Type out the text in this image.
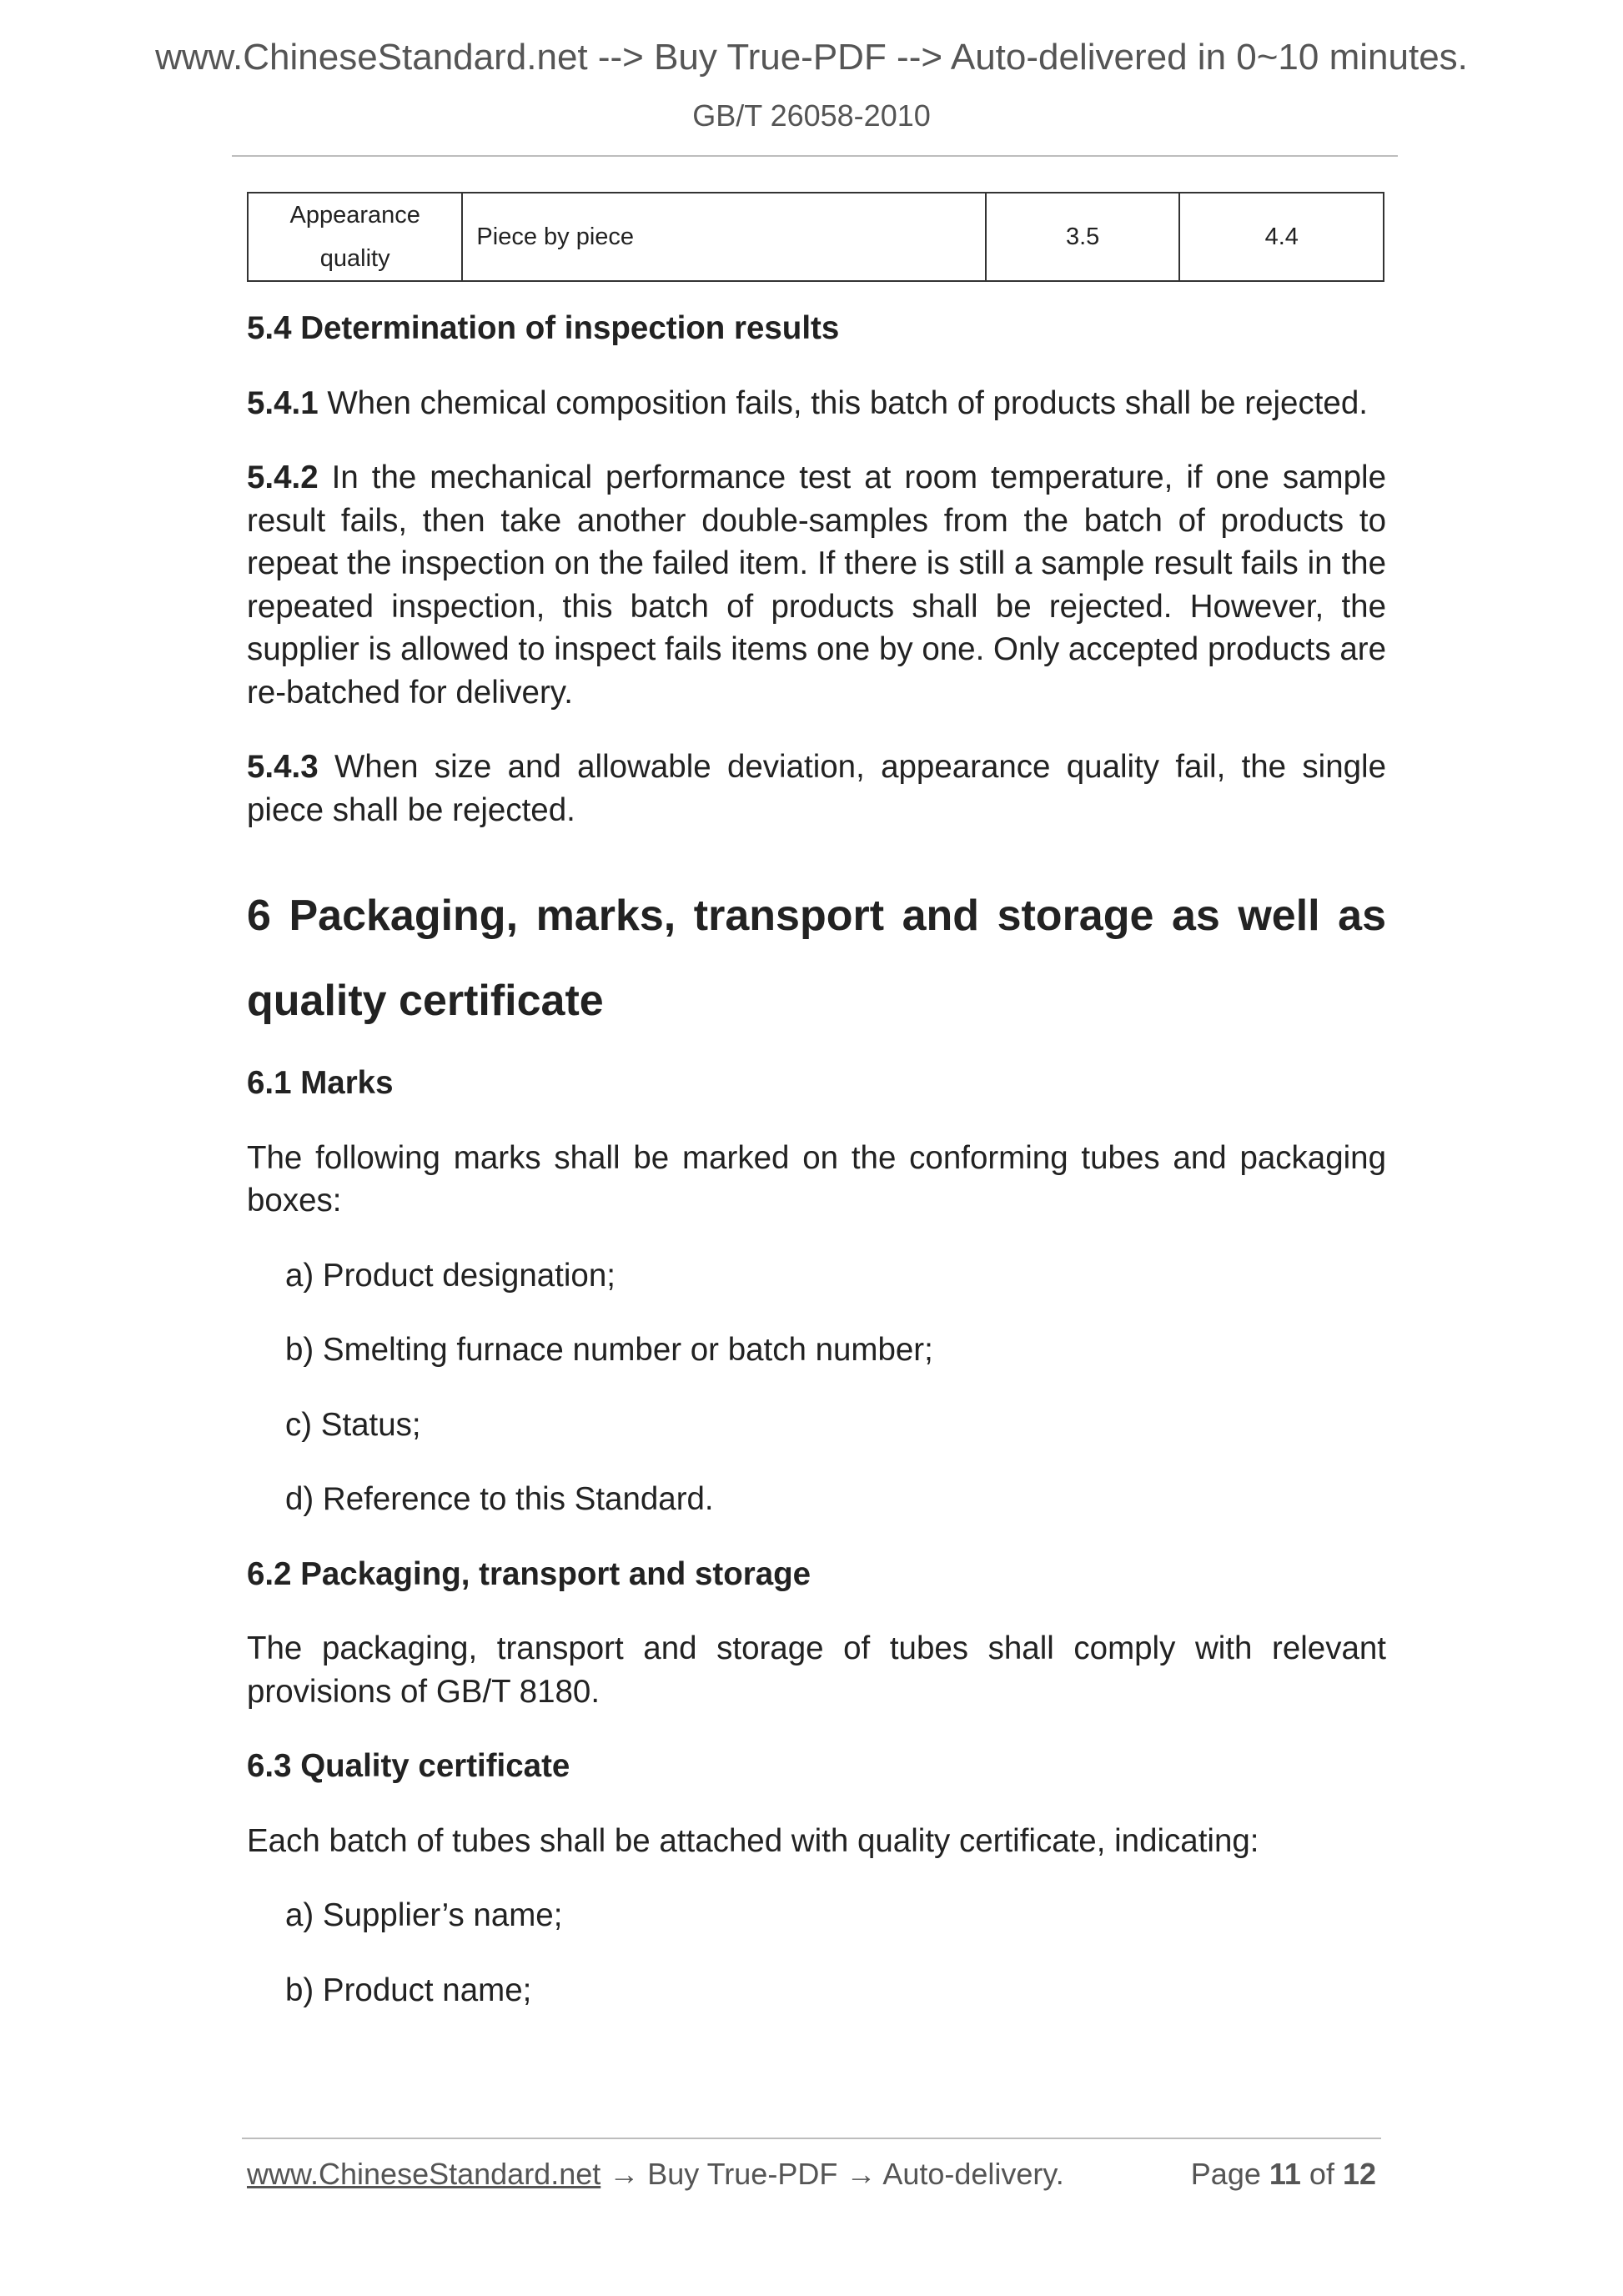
www.ChineseStandard.net --> Buy True-PDF --> Auto-delivered in 0~10 minutes.
GB/T 26058-2010
Appearance
quality	Piece by piece	3.5	4.4

5.4 Determination of inspection results

5.4.1 When chemical composition fails, this batch of products shall be rejected.

5.4.2 In the mechanical performance test at room temperature, if one sample result fails, then take another double-samples from the batch of products to repeat the inspection on the failed item. If there is still a sample result fails in the repeated inspection, this batch of products shall be rejected. However, the supplier is allowed to inspect fails items one by one. Only accepted products are re-batched for delivery.

5.4.3 When size and allowable deviation, appearance quality fail, the single piece shall be rejected.

6 Packaging, marks, transport and storage as well as quality certificate

6.1 Marks

The following marks shall be marked on the conforming tubes and packaging boxes:

a) Product designation;

b) Smelting furnace number or batch number;

c) Status;

d) Reference to this Standard.

6.2 Packaging, transport and storage

The packaging, transport and storage of tubes shall comply with relevant provisions of GB/T 8180.

6.3 Quality certificate

Each batch of tubes shall be attached with quality certificate, indicating:

a) Supplier’s name;

b) Product name;

www.ChineseStandard.net → Buy True-PDF → Auto-delivery.	Page 11 of 12
